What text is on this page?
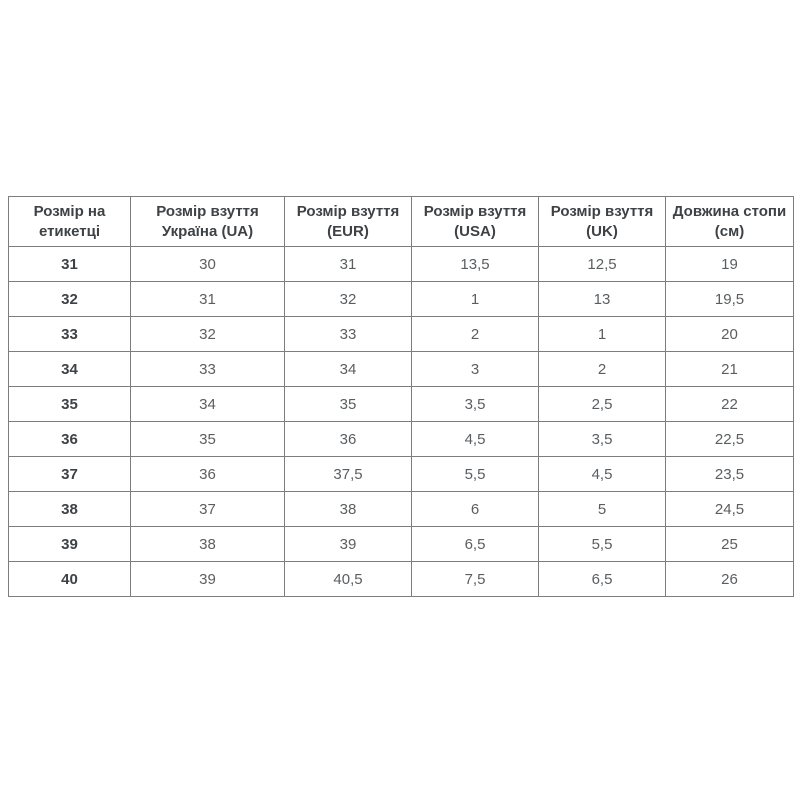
Розмір на етикетці	Розмір взуття Україна (UA)	Розмір взуття (EUR)	Розмір взуття (USA)	Розмір взуття (UK)	Довжина стопи (см)
31	30	31	13,5	12,5	19
32	31	32	1	13	19,5
33	32	33	2	1	20
34	33	34	3	2	21
35	34	35	3,5	2,5	22
36	35	36	4,5	3,5	22,5
37	36	37,5	5,5	4,5	23,5
38	37	38	6	5	24,5
39	38	39	6,5	5,5	25
40	39	40,5	7,5	6,5	26
